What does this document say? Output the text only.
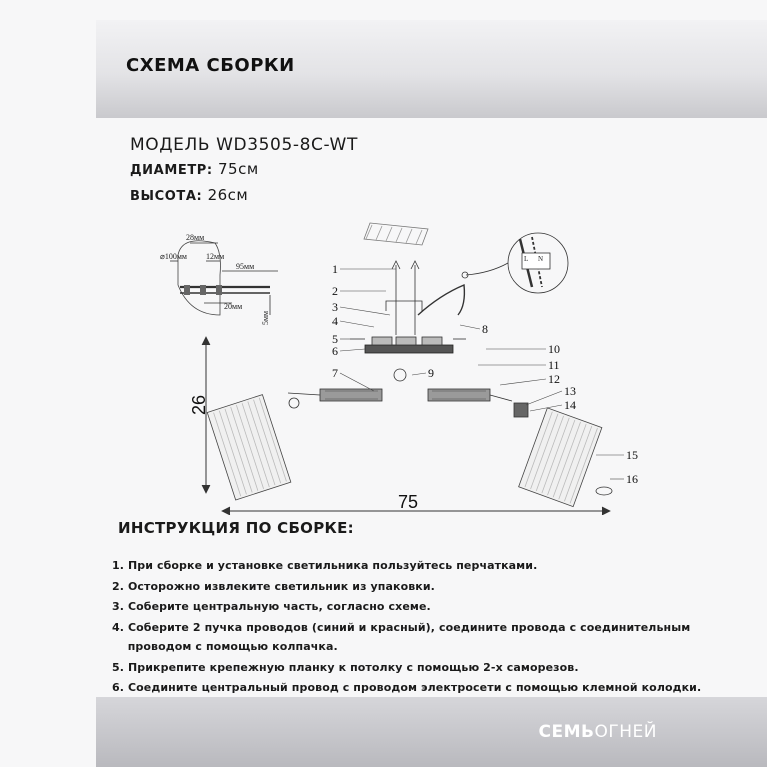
СХЕМА СБОРКИ
МОДЕЛЬ WD3505-8C-WT
ДИАМЕТР: 75см
ВЫСОТА: 26см
⌀100мм
28мм
12мм
95мм
20мм
5мм
L N
26
75
1
2
3
4
5
6
7
8
9
10
11
12
13
14
15
16
ИНСТРУКЦИЯ ПО СБОРКЕ:
1. При сборке и установке светильника пользуйтесь перчатками.
2. Осторожно извлеките светильник из упаковки.
3. Соберите центральную часть, согласно схеме.
4. Соберите 2 пучка проводов (синий и красный), соедините провода с соединительным
проводом с помощью колпачка.
5. Прикрепите крепежную планку к потолку с помощью 2-х саморезов.
6. Соедините центральный провод с проводом электросети с помощью клемной колодки.
СЕМЬОГНЕЙ
